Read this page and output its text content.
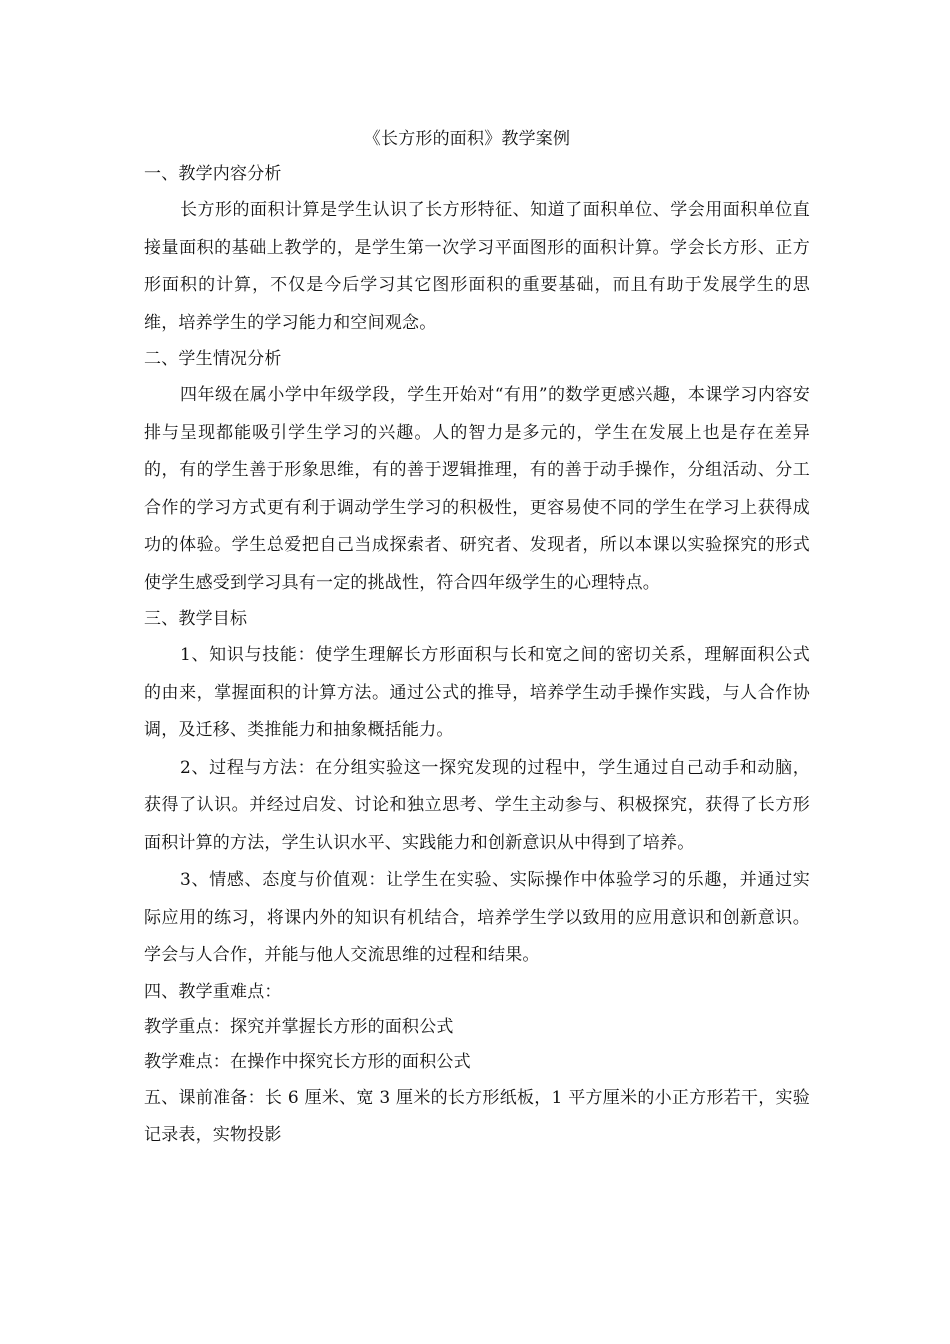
《长方形的面积》教学案例

一、教学内容分析

长方形的面积计算是学生认识了长方形特征、知道了面积单位、学会用面积单位直接量面积的基础上教学的，是学生第一次学习平面图形的面积计算。学会长方形、正方形面积的计算，不仅是今后学习其它图形面积的重要基础，而且有助于发展学生的思维，培养学生的学习能力和空间观念。

二、学生情况分析

四年级在属小学中年级学段，学生开始对“有用”的数学更感兴趣，本课学习内容安排与呈现都能吸引学生学习的兴趣。人的智力是多元的，学生在发展上也是存在差异的，有的学生善于形象思维，有的善于逻辑推理，有的善于动手操作，分组活动、分工合作的学习方式更有利于调动学生学习的积极性，更容易使不同的学生在学习上获得成功的体验。学生总爱把自己当成探索者、研究者、发现者，所以本课以实验探究的形式使学生感受到学习具有一定的挑战性，符合四年级学生的心理特点。

三、教学目标

1、知识与技能：使学生理解长方形面积与长和宽之间的密切关系，理解面积公式的由来，掌握面积的计算方法。通过公式的推导，培养学生动手操作实践，与人合作协调，及迁移、类推能力和抽象概括能力。

2、过程与方法：在分组实验这一探究发现的过程中，学生通过自己动手和动脑，获得了认识。并经过启发、讨论和独立思考、学生主动参与、积极探究，获得了长方形面积计算的方法，学生认识水平、实践能力和创新意识从中得到了培养。

3、情感、态度与价值观：让学生在实验、实际操作中体验学习的乐趣，并通过实际应用的练习，将课内外的知识有机结合，培养学生学以致用的应用意识和创新意识。学会与人合作，并能与他人交流思维的过程和结果。

四、教学重难点：

教学重点：探究并掌握长方形的面积公式

教学难点：在操作中探究长方形的面积公式

五、课前准备：长 6 厘米、宽 3 厘米的长方形纸板，1 平方厘米的小正方形若干，实验记录表，实物投影
